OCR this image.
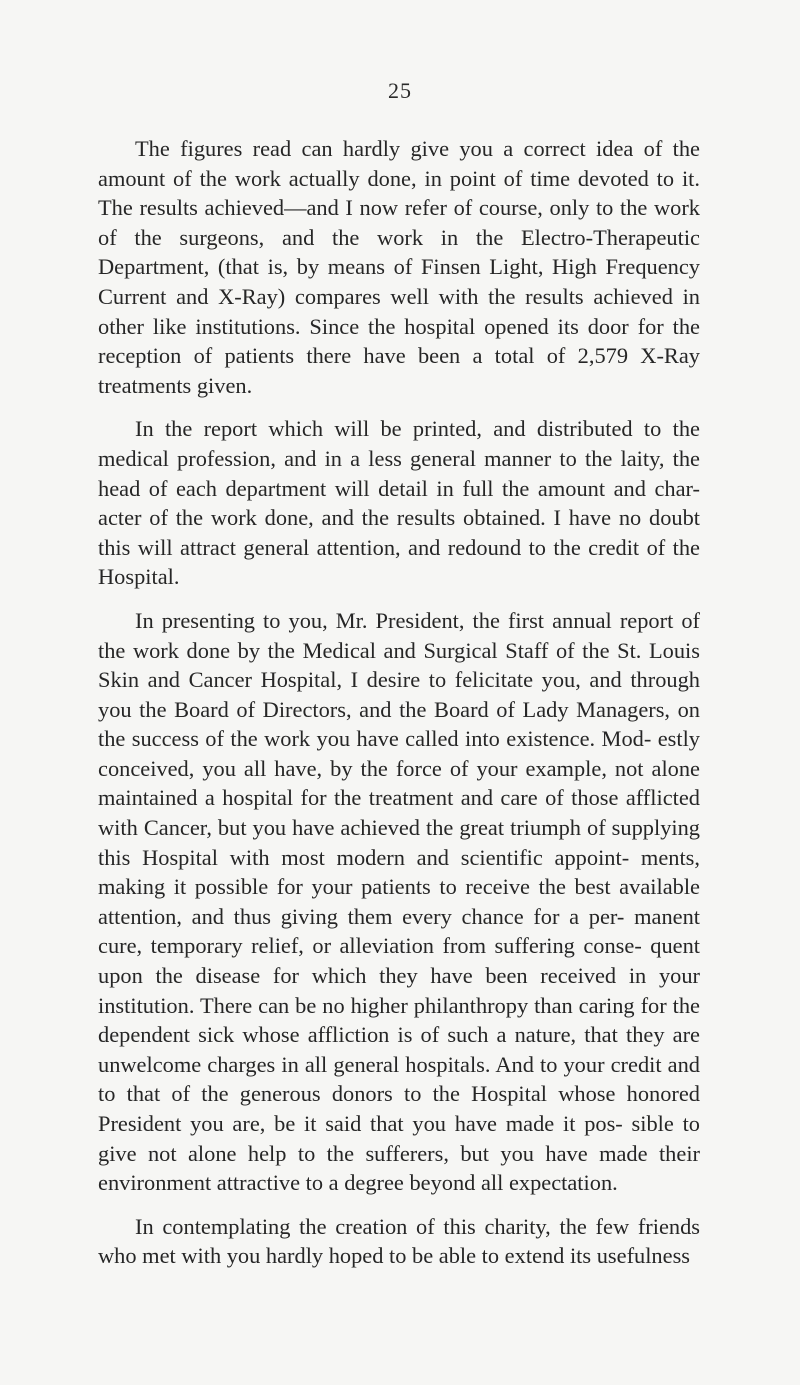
25

The figures read can hardly give you a correct idea of the amount of the work actually done, in point of time devoted to it. The results achieved—and I now refer of course, only to the work of the surgeons, and the work in the Electro-Therapeutic Department, (that is, by means of Finsen Light, High Frequency Current and X-Ray) compares well with the results achieved in other like institutions. Since the hospital opened its door for the reception of patients there have been a total of 2,579 X-Ray treatments given.

In the report which will be printed, and distributed to the medical profession, and in a less general manner to the laity, the head of each department will detail in full the amount and char- acter of the work done, and the results obtained. I have no doubt this will attract general attention, and redound to the credit of the Hospital.

In presenting to you, Mr. President, the first annual report of the work done by the Medical and Surgical Staff of the St. Louis Skin and Cancer Hospital, I desire to felicitate you, and through you the Board of Directors, and the Board of Lady Managers, on the success of the work you have called into existence. Mod- estly conceived, you all have, by the force of your example, not alone maintained a hospital for the treatment and care of those afflicted with Cancer, but you have achieved the great triumph of supplying this Hospital with most modern and scientific appoint- ments, making it possible for your patients to receive the best available attention, and thus giving them every chance for a per- manent cure, temporary relief, or alleviation from suffering conse- quent upon the disease for which they have been received in your institution. There can be no higher philanthropy than caring for the dependent sick whose affliction is of such a nature, that they are unwelcome charges in all general hospitals. And to your credit and to that of the generous donors to the Hospital whose honored President you are, be it said that you have made it pos- sible to give not alone help to the sufferers, but you have made their environment attractive to a degree beyond all expectation.

In contemplating the creation of this charity, the few friends who met with you hardly hoped to be able to extend its usefulness
